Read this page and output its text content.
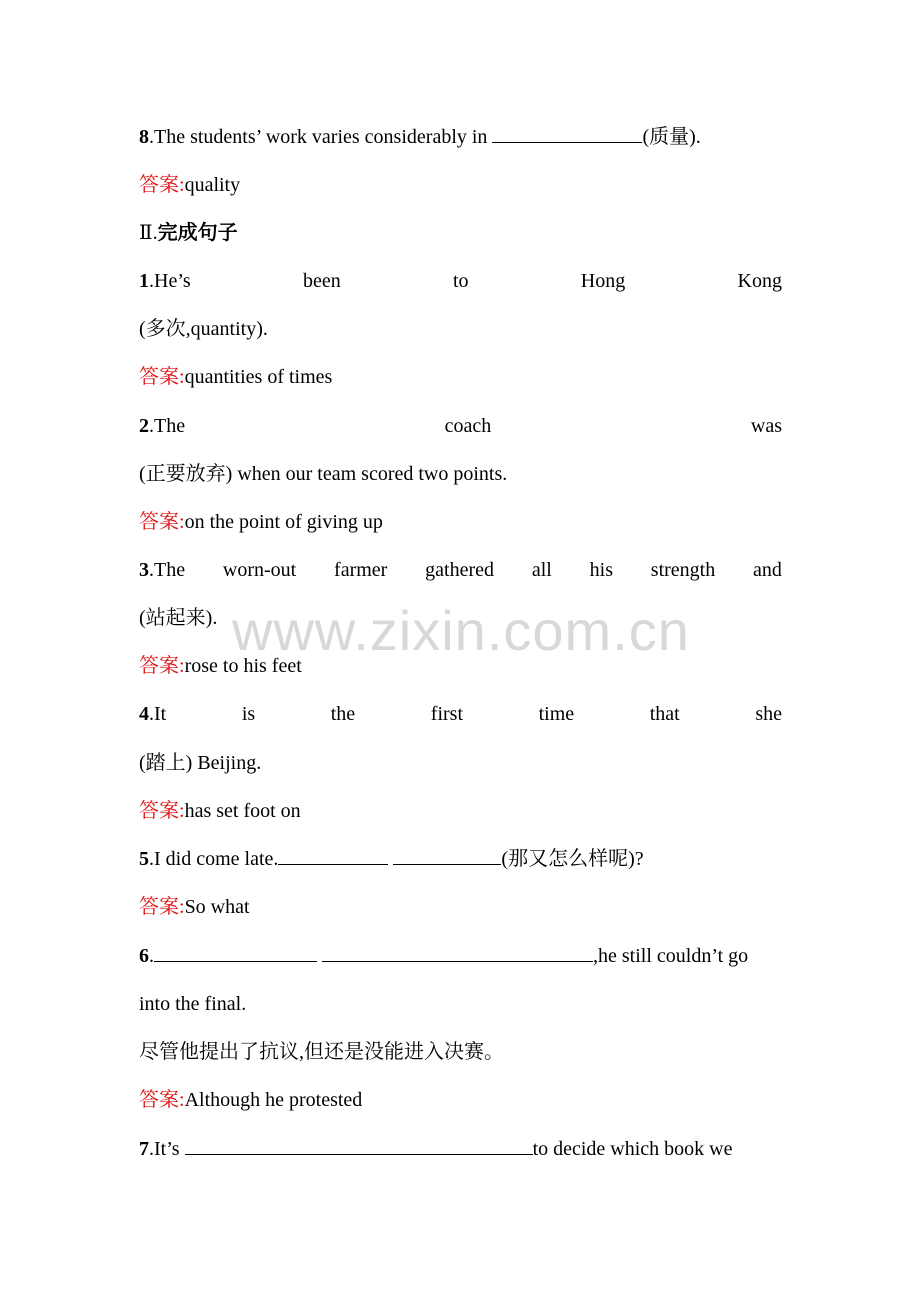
8.The students’ work varies considerably in	(质量).
答案:quality
Ⅱ.完成句子
1.He’s	been	to	Hong	Kong
(多次,quantity).
答案:quantities of times
2.The	coach	was
(正要放弃) when our team scored two points.
答案:on the point of giving up
3.The worn-out farmer gathered all his strength and
(站起来).
答案:rose to his feet
4.It	is	the	first	time	that	she
(踏上) Beijing.
答案:has set foot on
5.I did come late.	(那又怎么样呢)?
答案:So what
6.	,he still couldn’t go
into the final.
尽管他提出了抗议,但还是没能进入决赛。
答案:Although he protested
7.It’s	to decide which book we
www.zixin.com.cn
